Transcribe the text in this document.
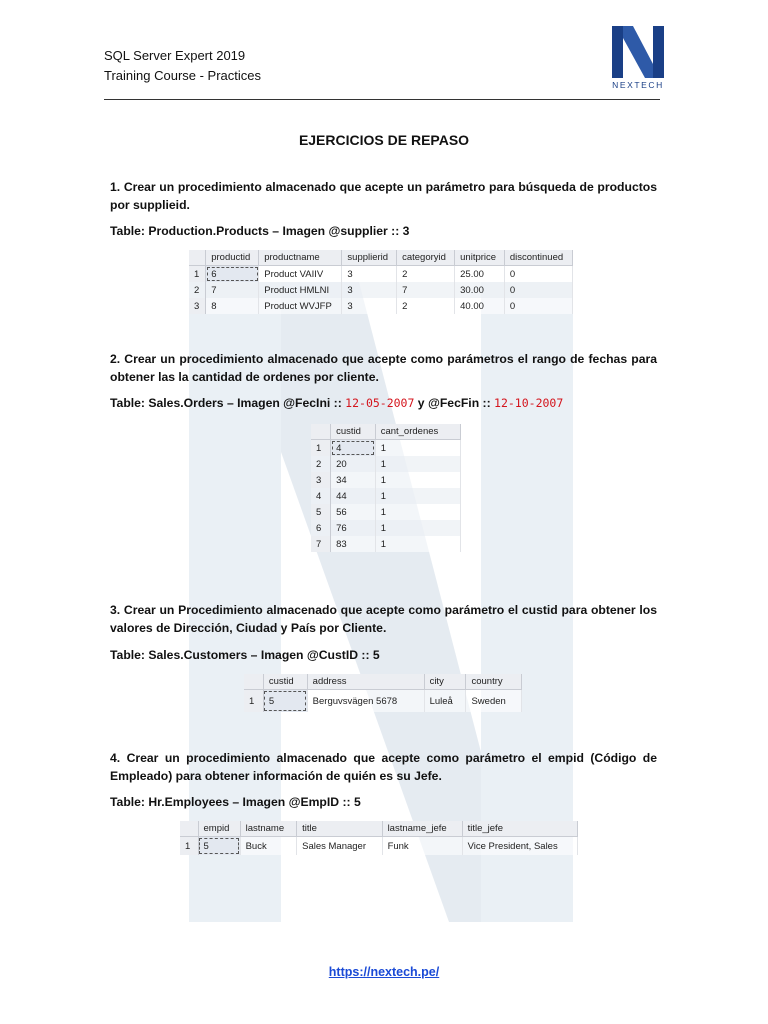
SQL Server Expert 2019
Training Course - Practices
NEXTECH
EJERCICIOS DE REPASO
1. Crear un procedimiento almacenado que acepte un parámetro para búsqueda de productos por supplieid.
Table: Production.Products – Imagen @supplier :: 3
	productid	productname	supplierid	categoryid	unitprice	discontinued
1	6	Product VAIIV	3	2	25.00	0
2	7	Product HMLNI	3	7	30.00	0
3	8	Product WVJFP	3	2	40.00	0
2. Crear un procedimiento almacenado que acepte como parámetros el rango de fechas para obtener las la cantidad de ordenes por cliente.
Table: Sales.Orders – Imagen @FecIni :: 12-05-2007 y @FecFin :: 12-10-2007
	custid	cant_ordenes
1	4	1
2	20	1
3	34	1
4	44	1
5	56	1
6	76	1
7	83	1
3. Crear un Procedimiento almacenado que acepte como parámetro el custid para obtener los valores de Dirección, Ciudad y País por Cliente.
Table: Sales.Customers – Imagen @CustID :: 5
	custid	address	city	country
1	5	Berguvsvägen 5678	Luleå	Sweden
4. Crear un procedimiento almacenado que acepte como parámetro el empid (Código de Empleado) para obtener información de quién es su Jefe.
Table: Hr.Employees – Imagen @EmpID :: 5
	empid	lastname	title	lastname_jefe	title_jefe
1	5	Buck	Sales Manager	Funk	Vice President, Sales
https://nextech.pe/
